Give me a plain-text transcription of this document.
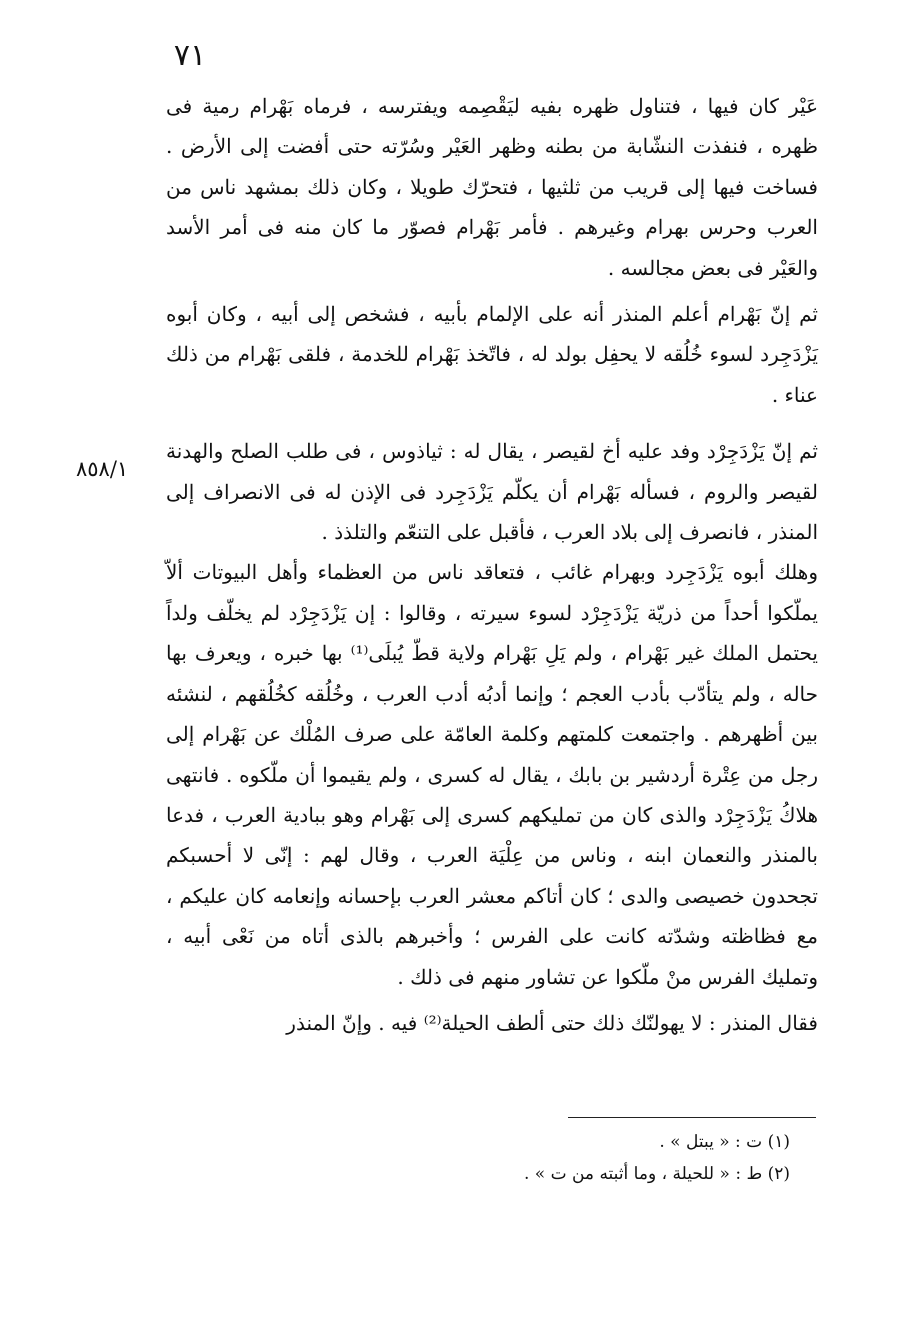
٧١

٨٥٨/١

عَيْر كان فيها ، فتناول ظهره بفيه ليَقْصِمه ويفترسه ، فرماه بَهْرام رمية فى ظهره ، فنفذت النشّابة من بطنه وظهر العَيْر وسُرّته حتى أفضت إلى الأرض . فساخت فيها إلى قريب من ثلثيها ، فتحرّك طويلا ، وكان ذلك بمشهد ناس من العرب وحرس بهرام وغيرهم . فأمر بَهْرام فصوّر ما كان منه فى أمر الأسد والعَيْر فى بعض مجالسه .

ثم إنّ بَهْرام أعلم المنذر أنه على الإلمام بأبيه ، فشخص إلى أبيه ، وكان أبوه يَزْدَجِرد لسوء خُلُقه لا يحفِل بولد له ، فاتّخذ بَهْرام للخدمة ، فلقى بَهْرام من ذلك عناء .

ثم إنّ يَزْدَجِرْد وفد عليه أخ لقيصر ، يقال له : ثياذوس ، فى طلب الصلح والهدنة لقيصر والروم ، فسأله بَهْرام أن يكلّم يَزْدَجِرد فى الإذن له فى الانصراف إلى المنذر ، فانصرف إلى بلاد العرب ، فأقبل على التنعّم والتلذذ .

وهلك أبوه يَزْدَجِرد وبهرام غائب ، فتعاقد ناس من العظماء وأهل البيوتات ألاّ يملّكوا أحداً من ذريّة يَزْدَجِرْد لسوء سيرته ، وقالوا : إن يَزْدَجِرْد لم يخلّف ولداً يحتمل الملك غير بَهْرام ، ولم يَلِ بَهْرام ولاية قطّ يُبلَى⁽¹⁾ بها خبره ، ويعرف بها حاله ، ولم يتأدّب بأدب العجم ؛ وإنما أدبُه أدب العرب ، وخُلُقه كخُلُقهم ، لنشئه بين أظهرهم . واجتمعت كلمتهم وكلمة العامّة على صرف المُلْك عن بَهْرام إلى رجل من عِتْرة أردشير بن بابك ، يقال له كسرى ، ولم يقيموا أن ملّكوه . فانتهى هلاكُ يَزْدَجِرْد والذى كان من تمليكهم كسرى إلى بَهْرام وهو ببادية العرب ، فدعا بالمنذر والنعمان ابنه ، وناس من عِلْيَة العرب ، وقال لهم : إنّى لا أحسبكم تجحدون خصيصى والدى ؛ كان أتاكم معشر العرب بإحسانه وإنعامه كان عليكم ، مع فظاظته وشدّته كانت على الفرس ؛ وأخبرهم بالذى أتاه من نَعْى أبيه ، وتمليك الفرس منْ ملّكوا عن تشاور منهم فى ذلك .

فقال المنذر : لا يهولنّك ذلك حتى ألطف الحيلة⁽²⁾ فيه . وإنّ المنذر

(١) ت : « يبتل » .

(٢) ط : « للحيلة ، وما أثبته من ت » .
